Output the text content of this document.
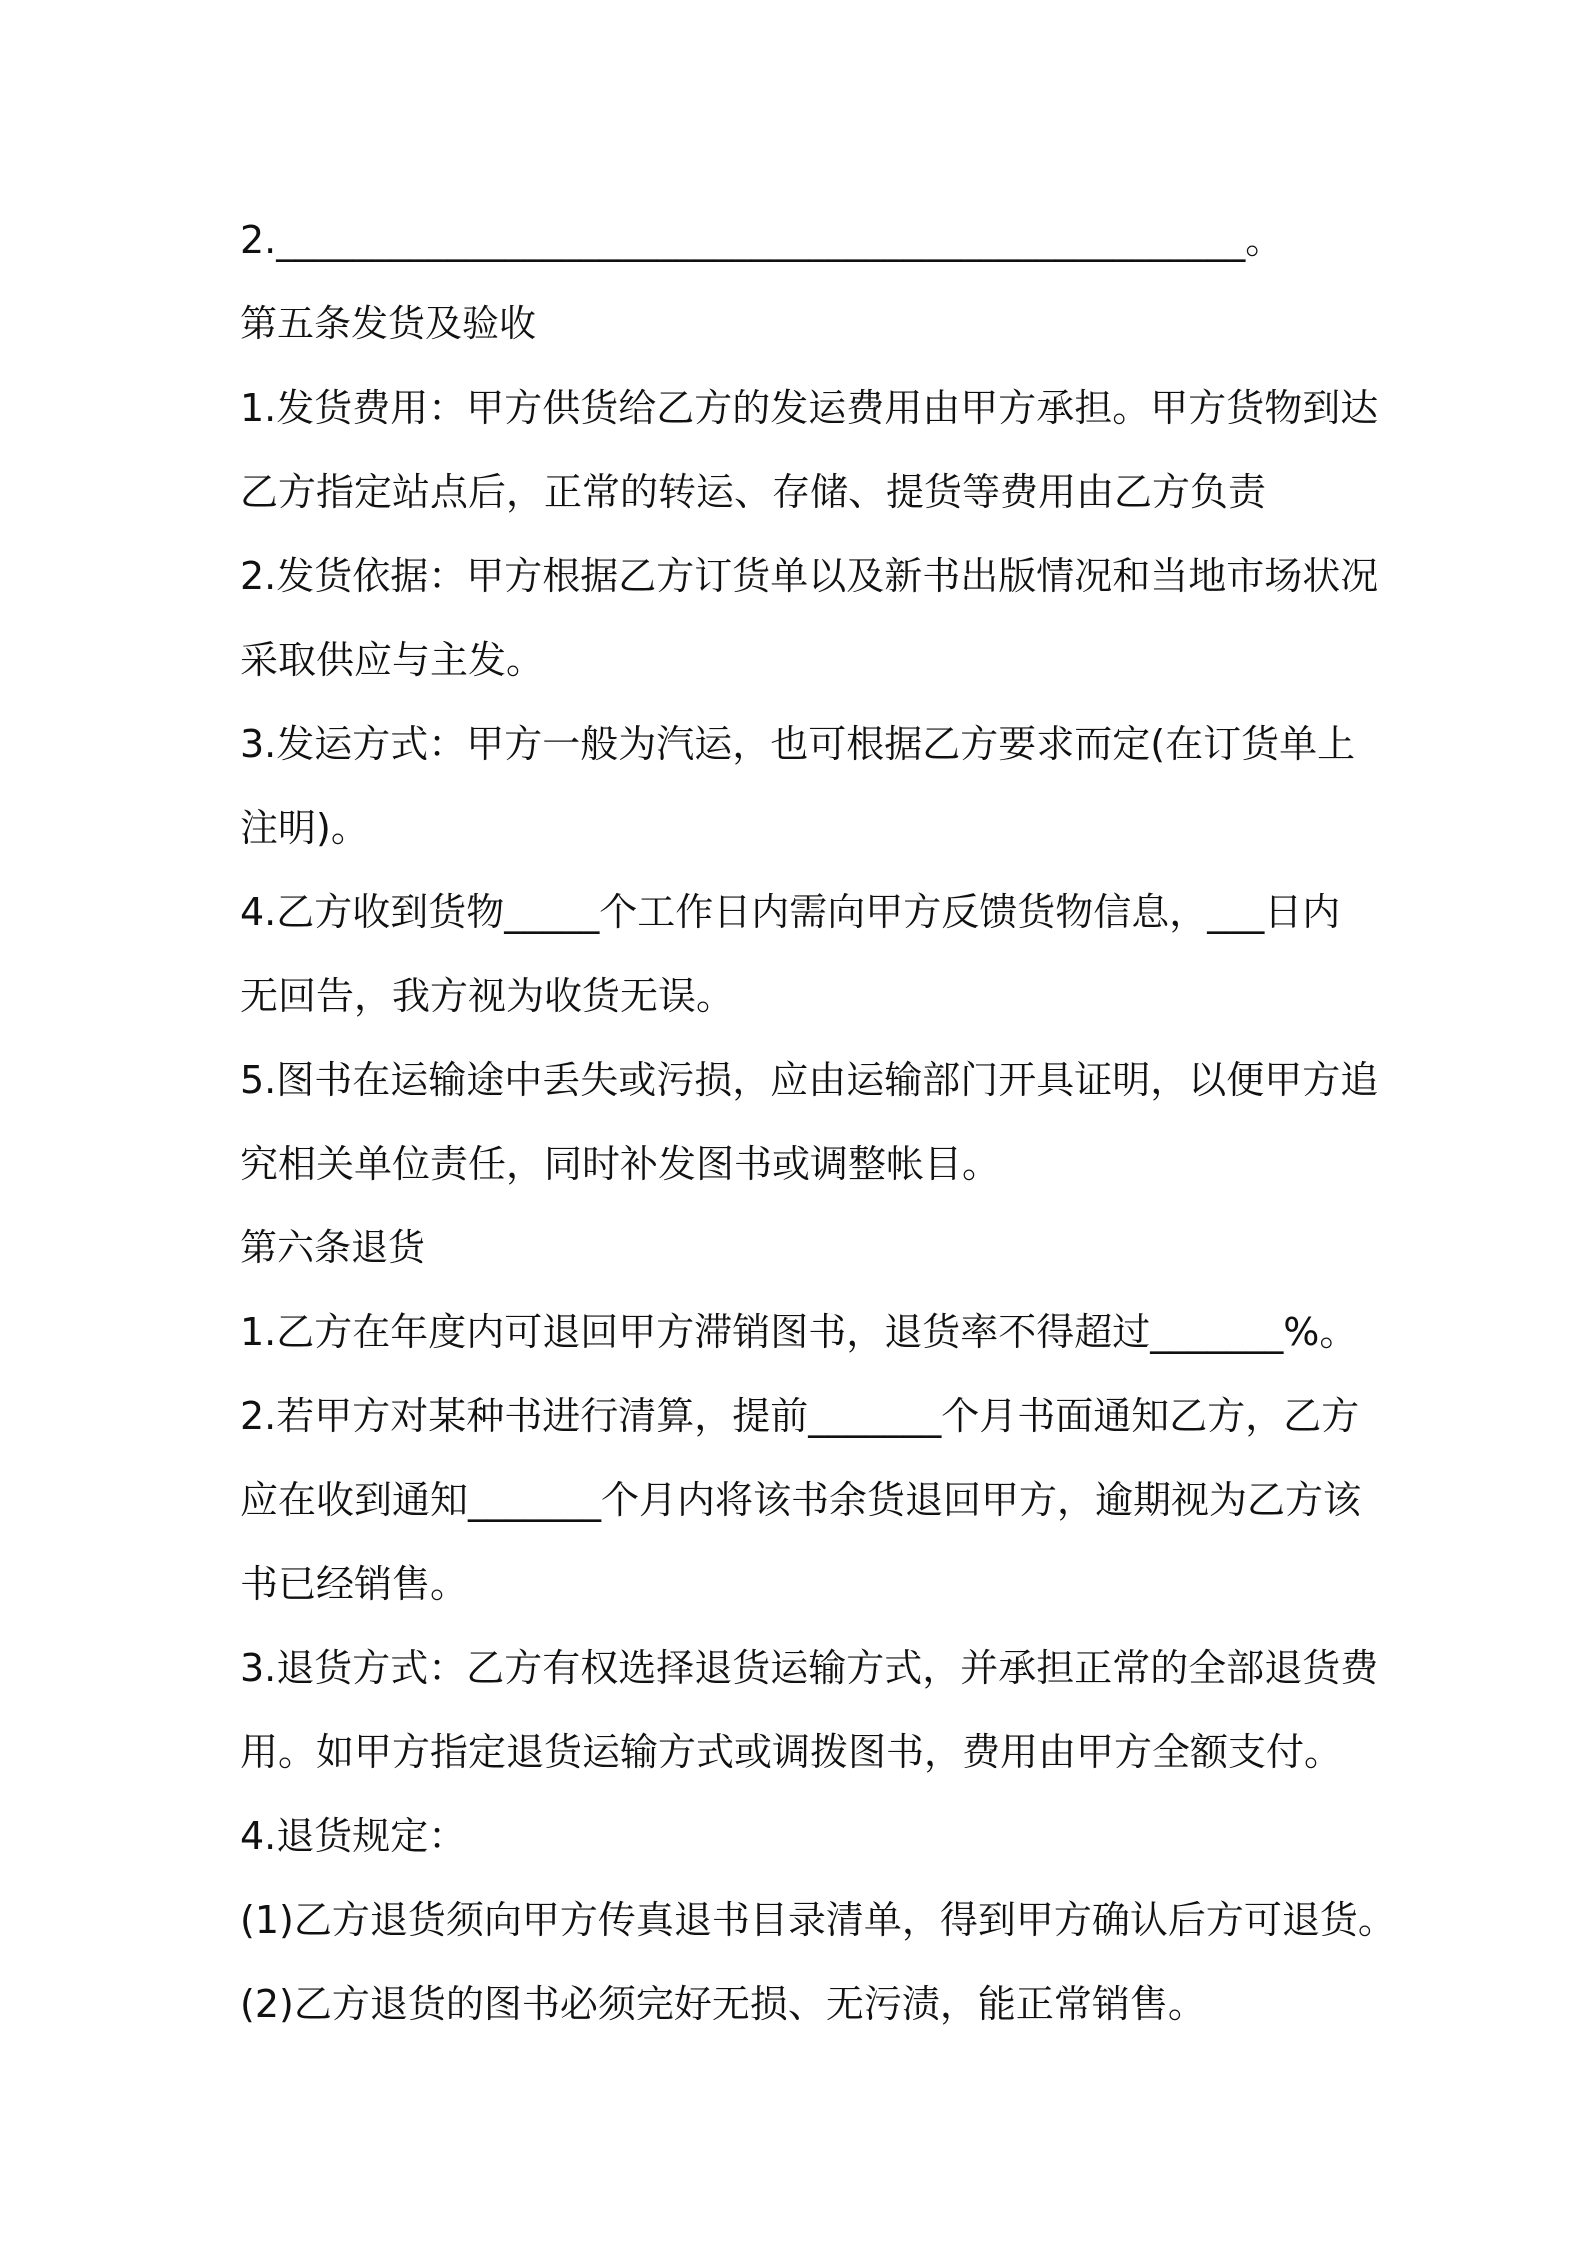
2.___________________________________________________。
第五条发货及验收
1.发货费用：甲方供货给乙方的发运费用由甲方承担。甲方货物到达
乙方指定站点后，正常的转运、存储、提货等费用由乙方负责
2.发货依据：甲方根据乙方订货单以及新书出版情况和当地市场状况
采取供应与主发。
3.发运方式：甲方一般为汽运，也可根据乙方要求而定(在订货单上
注明)。
4.乙方收到货物_____个工作日内需向甲方反馈货物信息，___日内
无回告，我方视为收货无误。
5.图书在运输途中丢失或污损，应由运输部门开具证明，以便甲方追
究相关单位责任，同时补发图书或调整帐目。
第六条退货
1.乙方在年度内可退回甲方滞销图书，退货率不得超过_______%。
2.若甲方对某种书进行清算，提前_______个月书面通知乙方，乙方
应在收到通知_______个月内将该书余货退回甲方，逾期视为乙方该
书已经销售。
3.退货方式：乙方有权选择退货运输方式，并承担正常的全部退货费
用。如甲方指定退货运输方式或调拨图书，费用由甲方全额支付。
4.退货规定：
(1)乙方退货须向甲方传真退书目录清单，得到甲方确认后方可退货。
(2)乙方退货的图书必须完好无损、无污渍，能正常销售。
